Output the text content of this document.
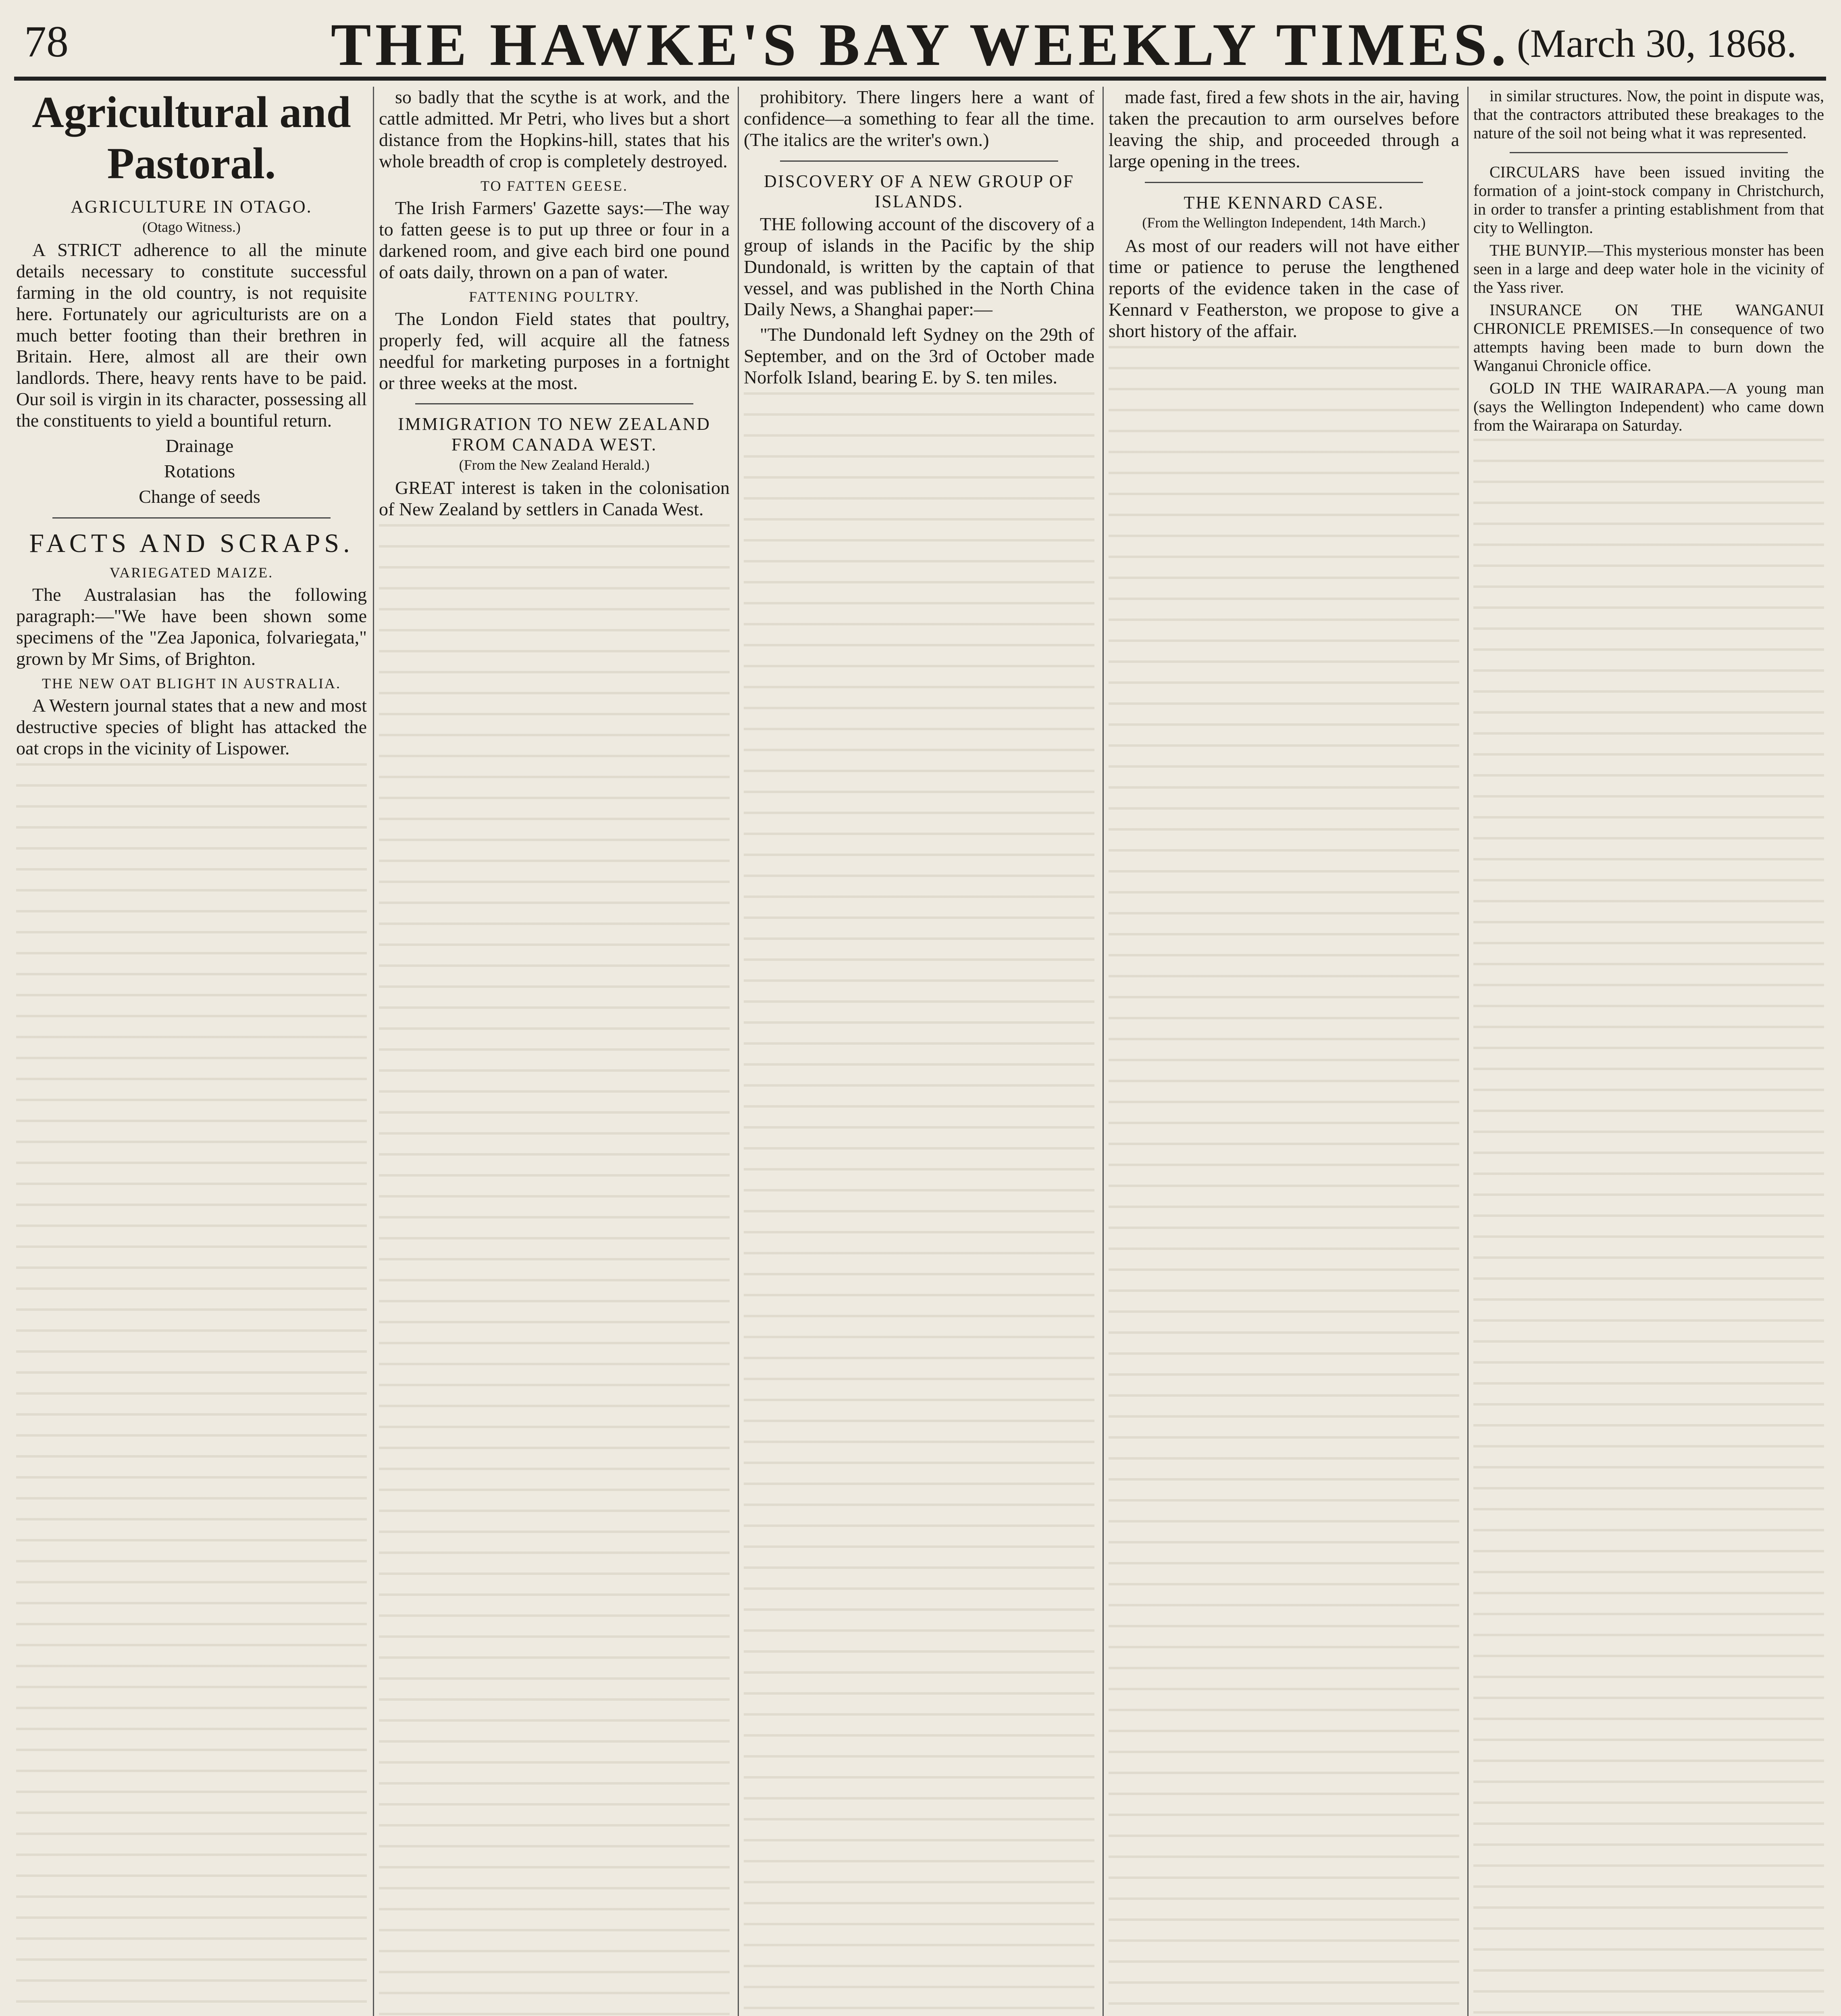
78	THE HAWKE'S BAY WEEKLY TIMES. (March 30, 1868.
Agricultural and Pastoral.
AGRICULTURE IN OTAGO.
(Otago Witness.)

A STRICT adherence to all the minute details necessary to constitute successful farming in the old country, is not requisite here. Fortunately our agriculturists are on a much better footing than their brethren in Britain. Here, almost all are their own landlords. There, heavy rents have to be paid. Our soil is virgin in its character, possessing all the constituents to yield a bountiful return.

Drainage

Rotations

Change of seeds

FACTS AND SCRAPS.
VARIEGATED MAIZE.

The Australasian has the following paragraph:—"We have been shown some specimens of the "Zea Japonica, folvariegata," grown by Mr Sims, of Brighton.

THE NEW OAT BLIGHT IN AUSTRALIA.

A Western journal states that a new and most destructive species of blight has attacked the oat crops in the vicinity of Lispower.

so badly that the scythe is at work, and the cattle admitted. Mr Petri, who lives but a short distance from the Hopkins-hill, states that his whole breadth of crop is completely destroyed.

TO FATTEN GEESE.

The Irish Farmers' Gazette says:—The way to fatten geese is to put up three or four in a darkened room, and give each bird one pound of oats daily, thrown on a pan of water.

FATTENING POULTRY.

The London Field states that poultry, properly fed, will acquire all the fatness needful for marketing purposes in a fortnight or three weeks at the most.

IMMIGRATION TO NEW ZEALAND FROM CANADA WEST.
(From the New Zealand Herald.)

GREAT interest is taken in the colonisation of New Zealand by settlers in Canada West.

prohibitory. There lingers here a want of confidence—a something to fear all the time. (The italics are the writer's own.)

DISCOVERY OF A NEW GROUP OF ISLANDS.

THE following account of the discovery of a group of islands in the Pacific by the ship Dundonald, is written by the captain of that vessel, and was published in the North China Daily News, a Shanghai paper:—

"The Dundonald left Sydney on the 29th of September, and on the 3rd of October made Norfolk Island, bearing E. by S. ten miles.

made fast, fired a few shots in the air, having taken the precaution to arm ourselves before leaving the ship, and proceeded through a large opening in the trees.

THE KENNARD CASE.
(From the Wellington Independent, 14th March.)

As most of our readers will not have either time or patience to peruse the lengthened reports of the evidence taken in the case of Kennard v Featherston, we propose to give a short history of the affair.

in similar structures. Now, the point in dispute was, that the contractors attributed these breakages to the nature of the soil not being what it was represented.

CIRCULARS have been issued inviting the formation of a joint-stock company in Christchurch, in order to transfer a printing establishment from that city to Wellington.

THE BUNYIP.—This mysterious monster has been seen in a large and deep water hole in the vicinity of the Yass river.

INSURANCE ON THE WANGANUI CHRONICLE PREMISES.—In consequence of two attempts having been made to burn down the Wanganui Chronicle office.

GOLD IN THE WAIRARAPA.—A young man (says the Wellington Independent) who came down from the Wairarapa on Saturday.
